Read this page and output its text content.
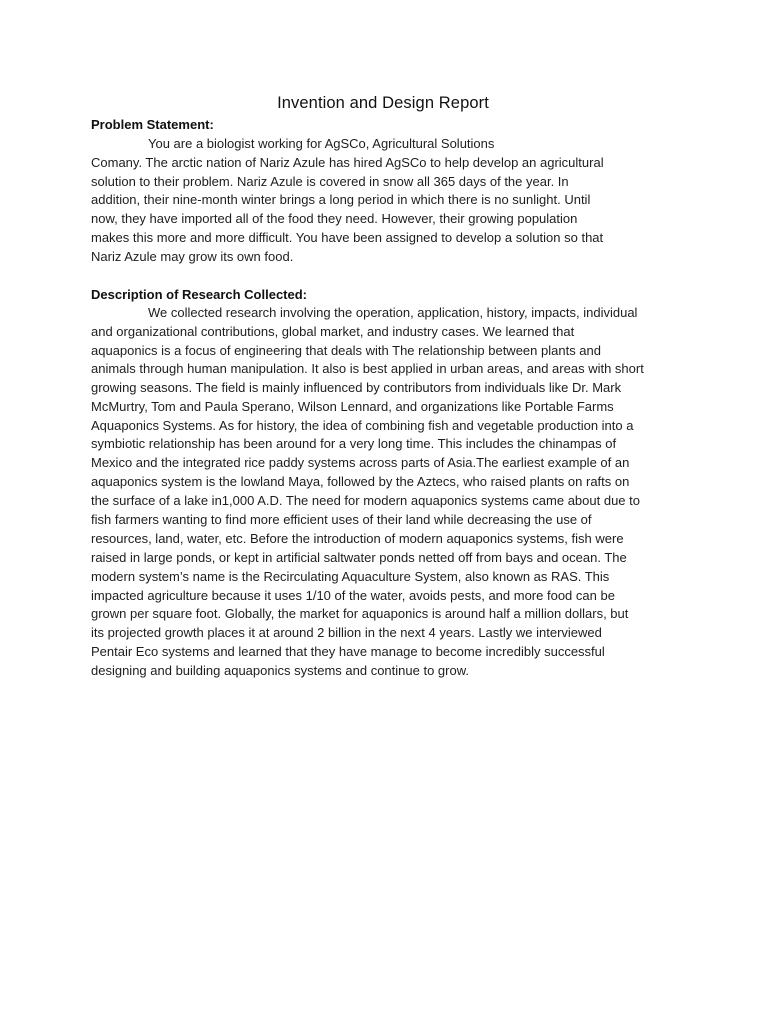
Invention and Design Report
Problem Statement:
You are a biologist working for AgSCo, Agricultural Solutions
Comany. The arctic nation of Nariz Azule has hired AgSCo to help develop an agricultural
solution to their problem. Nariz Azule is covered in snow all 365 days of the year. In
addition, their nine-month winter brings a long period in which there is no sunlight. Until
now, they have imported all of the food they need. However, their growing population
makes this more and more difficult. You have been assigned to develop a solution so that
Nariz Azule may grow its own food.
Description of Research Collected:
We collected research involving the operation, application, history, impacts, individual
and organizational contributions, global market, and industry cases. We learned that
aquaponics is a focus of engineering that deals with The relationship between plants and
animals through human manipulation. It also is best applied in urban areas, and areas with short
growing seasons. The field is mainly influenced by contributors from individuals like Dr. Mark
McMurtry, Tom and Paula Sperano, Wilson Lennard, and organizations like Portable Farms
Aquaponics Systems. As for history, the idea of combining fish and vegetable production into a
symbiotic relationship has been around for a very long time. This includes the chinampas of
Mexico and the integrated rice paddy systems across parts of Asia.The earliest example of an
aquaponics system is the lowland Maya, followed by the Aztecs, who raised plants on rafts on
the surface of a lake in1,000 A.D. The need for modern aquaponics systems came about due to
fish farmers wanting to find more efficient uses of their land while decreasing the use of
resources, land, water, etc. Before the introduction of modern aquaponics systems, fish were
raised in large ponds, or kept in artificial saltwater ponds netted off from bays and ocean. The
modern system’s name is the Recirculating Aquaculture System, also known as RAS. This
impacted agriculture because it uses 1/10 of the water, avoids pests, and more food can be
grown per square foot. Globally, the market for aquaponics is around half a million dollars, but
its projected growth places it at around 2 billion in the next 4 years. Lastly we interviewed
Pentair Eco systems and learned that they have manage to become incredibly successful
designing and building aquaponics systems and continue to grow.
